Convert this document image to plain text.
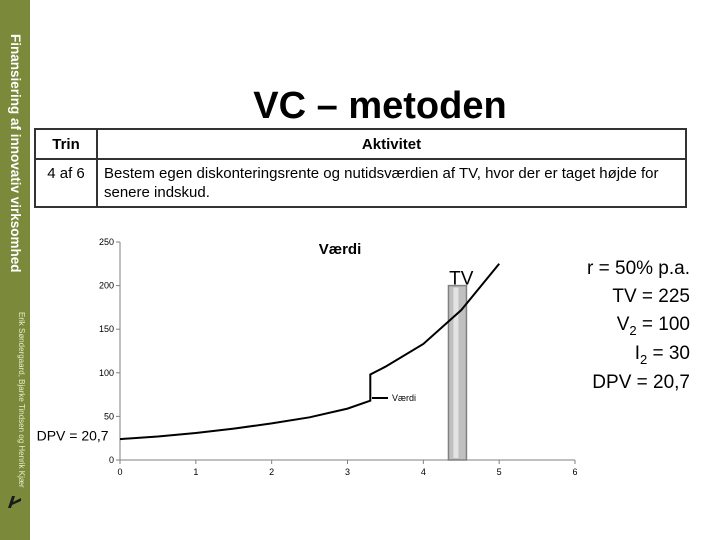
Finansiering af innovativ virksomhed
Erik Søndergaard, Bjarke Tindsen og Henrik Kjær
VC – metoden
Trin	Aktivitet
4 af 6	Bestem egen diskonteringsrente og nutidsværdien af TV, hvor der er taget højde for senere indskud.
0
50
100
150
200
250
0	1	2	3	4	5	6
Værdi
Værdi
TV
DPV = 20,7
r = 50% p.a.
TV = 225
$V_2 = 100$
$I_2 = 30$
DPV = 20,7
